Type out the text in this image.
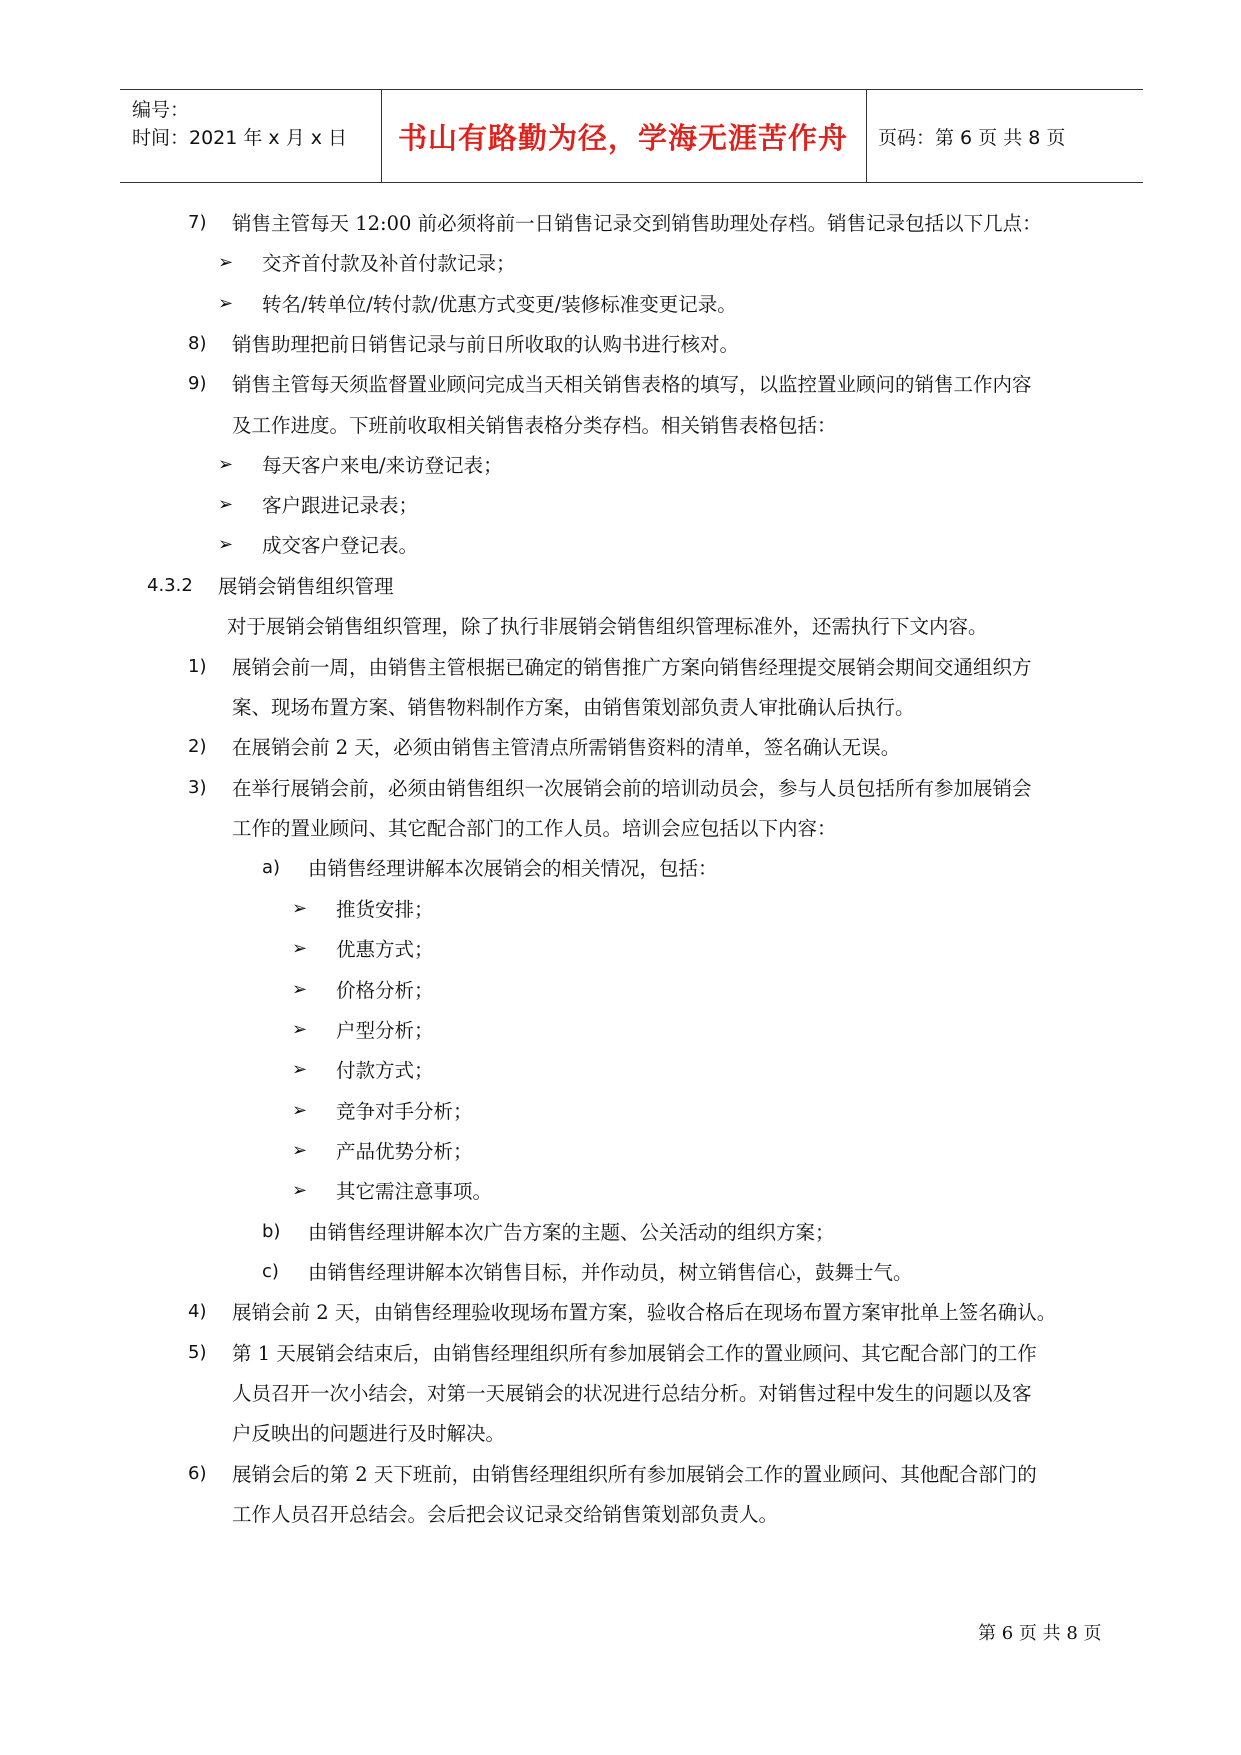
编号：
时间：2021 年 x 月 x 日	书山有路勤为径，学海无涯苦作舟	页码：第 6 页 共 8 页
7) 销售主管每天 12:00 前必须将前一日销售记录交到销售助理处存档。销售记录包括以下几点：
➢ 交齐首付款及补首付款记录；
➢ 转名/转单位/转付款/优惠方式变更/装修标准变更记录。
8) 销售助理把前日销售记录与前日所收取的认购书进行核对。
9) 销售主管每天须监督置业顾问完成当天相关销售表格的填写，以监控置业顾问的销售工作内容
及工作进度。下班前收取相关销售表格分类存档。相关销售表格包括：
➢ 每天客户来电/来访登记表；
➢ 客户跟进记录表；
➢ 成交客户登记表。
4.3.2 展销会销售组织管理
对于展销会销售组织管理，除了执行非展销会销售组织管理标准外，还需执行下文内容。
1) 展销会前一周，由销售主管根据已确定的销售推广方案向销售经理提交展销会期间交通组织方
案、现场布置方案、销售物料制作方案，由销售策划部负责人审批确认后执行。
2) 在展销会前 2 天，必须由销售主管清点所需销售资料的清单，签名确认无误。
3) 在举行展销会前，必须由销售组织一次展销会前的培训动员会，参与人员包括所有参加展销会
工作的置业顾问、其它配合部门的工作人员。培训会应包括以下内容：
a) 由销售经理讲解本次展销会的相关情况，包括：
➢ 推货安排；
➢ 优惠方式；
➢ 价格分析；
➢ 户型分析；
➢ 付款方式；
➢ 竞争对手分析；
➢ 产品优势分析；
➢ 其它需注意事项。
b) 由销售经理讲解本次广告方案的主题、公关活动的组织方案；
c) 由销售经理讲解本次销售目标，并作动员，树立销售信心，鼓舞士气。
4) 展销会前 2 天，由销售经理验收现场布置方案，验收合格后在现场布置方案审批单上签名确认。
5) 第 1 天展销会结束后，由销售经理组织所有参加展销会工作的置业顾问、其它配合部门的工作
人员召开一次小结会，对第一天展销会的状况进行总结分析。对销售过程中发生的问题以及客
户反映出的问题进行及时解决。
6) 展销会后的第 2 天下班前，由销售经理组织所有参加展销会工作的置业顾问、其他配合部门的
工作人员召开总结会。会后把会议记录交给销售策划部负责人。
第 6 页 共 8 页
